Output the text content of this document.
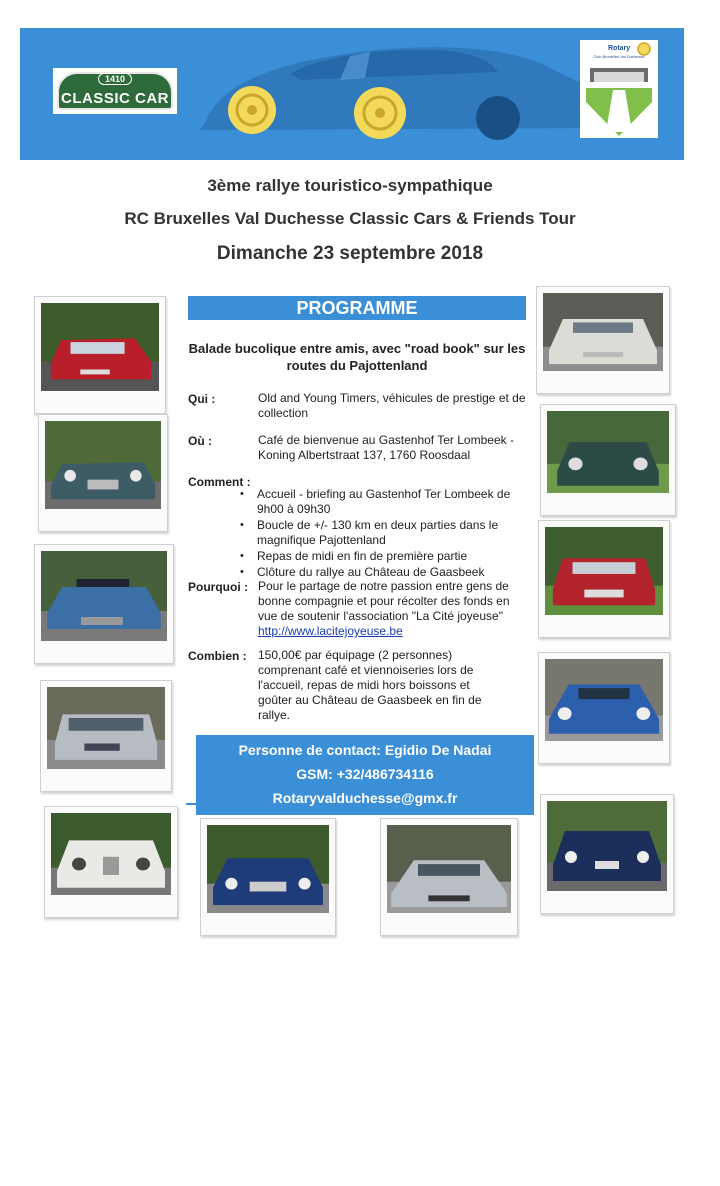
1410
CLASSIC CAR
Rotary
Club Bruxelles Val Duchesse
3ème rallye touristico-sympathique
RC Bruxelles Val Duchesse Classic Cars & Friends Tour
Dimanche 23 septembre 2018
PROGRAMME
Balade bucolique entre amis, avec "road book" sur les routes du Pajottenland
Qui :	Old and Young Timers, véhicules de prestige et de collection
Où :	Café de bienvenue au Gastenhof Ter Lombeek - Koning Albertstraat 137, 1760 Roosdaal
Comment :
• Accueil - briefing au Gastenhof Ter Lombeek de 9h00 à 09h30
• Boucle de +/- 130 km en deux parties dans le magnifique Pajottenland
• Repas de midi en fin de première partie
• Clôture du rallye au Château de Gaasbeek
Pourquoi : Pour le partage de notre passion entre gens de bonne compagnie et pour récolter des fonds en vue de soutenir l'association "La Cité joyeuse"
http://www.lacitejoyeuse.be
Combien : 150,00€ par équipage (2 personnes) comprenant café et viennoiseries lors de l'accueil, repas de midi hors boissons et goûter au Château de Gaasbeek en fin de rallye.
Personne de contact: Egidio De Nadai
GSM: +32/486734116
Rotaryvalduchesse@gmx.fr
